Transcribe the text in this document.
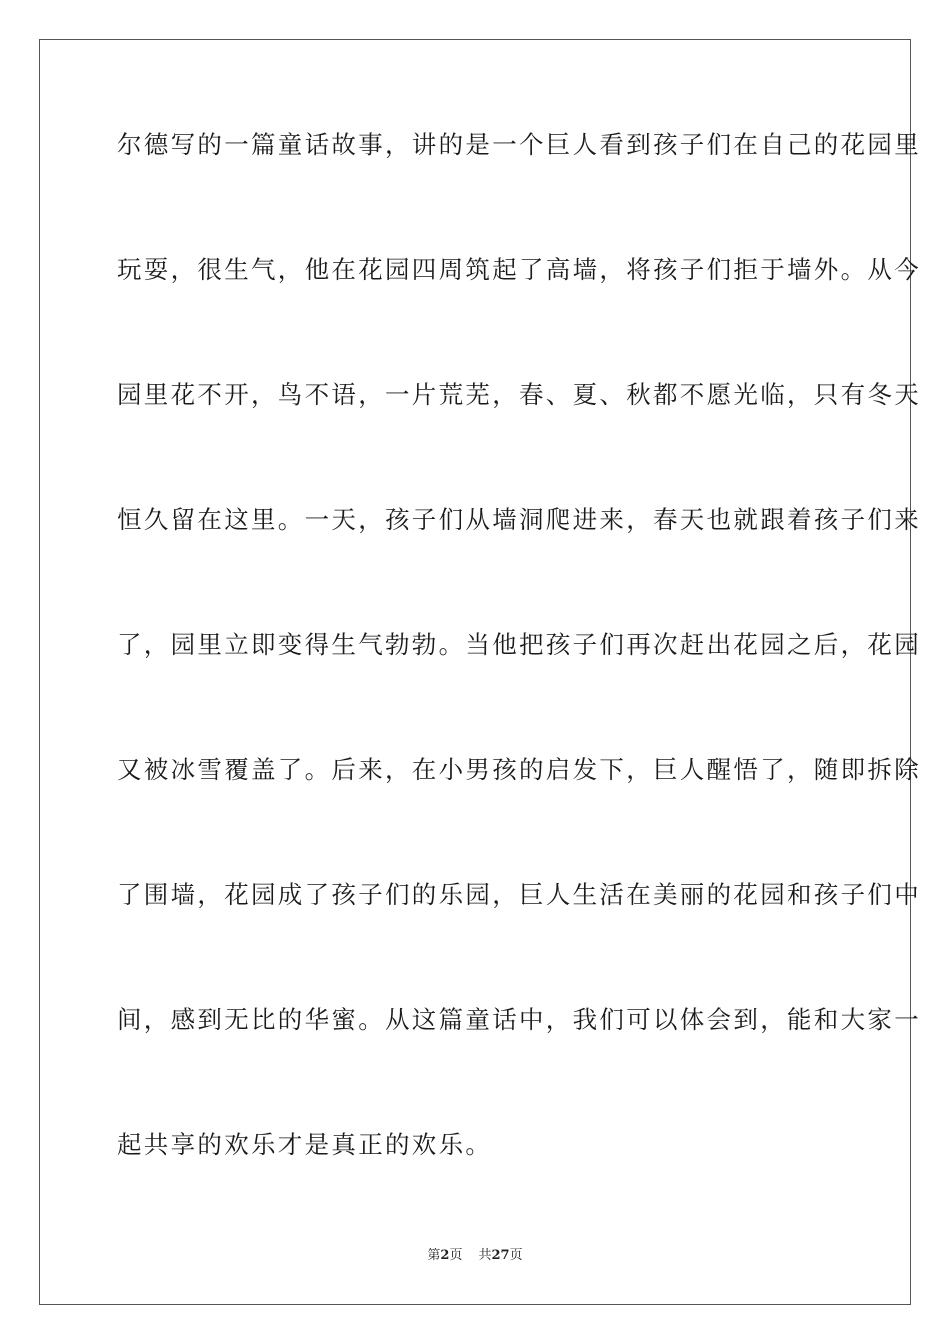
尔德写的一篇童话故事，讲的是一个巨人看到孩子们在自己的花园里
玩耍，很生气，他在花园四周筑起了高墙，将孩子们拒于墙外。从今
园里花不开，鸟不语，一片荒芜，春、夏、秋都不愿光临，只有冬天
恒久留在这里。一天，孩子们从墙洞爬进来，春天也就跟着孩子们来
了，园里立即变得生气勃勃。当他把孩子们再次赶出花园之后，花园
又被冰雪覆盖了。后来，在小男孩的启发下，巨人醒悟了，随即拆除
了围墙，花园成了孩子们的乐园，巨人生活在美丽的花园和孩子们中
间，感到无比的华蜜。从这篇童话中，我们可以体会到，能和大家一
起共享的欢乐才是真正的欢乐。
第2页 共27页
